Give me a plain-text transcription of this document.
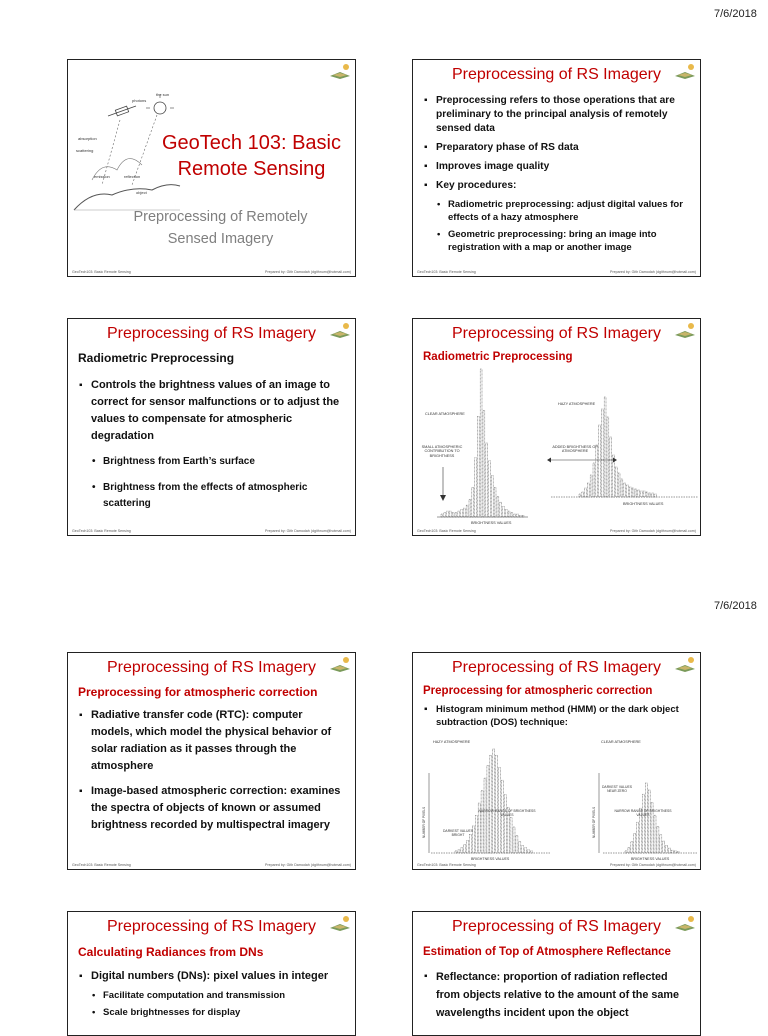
7/6/2018
7/6/2018
photons
the sun
absorption
scattering
emission	reflection
object
GeoTech 103: Basic Remote Sensing
Preprocessing of Remotely Sensed Imagery
GeoTech103: Basic Remote Sensing	Prepared by: Gith Damodah (dgithnum@hotmail.com)
Preprocessing of RS Imagery
▪ Preprocessing refers to those operations that are preliminary to the principal analysis of remotely sensed data
▪ Preparatory phase of RS data
▪ Improves image quality
▪ Key procedures:
• Radiometric preprocessing: adjust digital values for effects of a hazy atmosphere
• Geometric preprocessing: bring an image into registration with a map or another image
GeoTech103: Basic Remote Sensing	Prepared by: Gith Damodah (dgithnum@hotmail.com)
Preprocessing of RS Imagery
Radiometric Preprocessing
▪ Controls the brightness values of an image to correct for sensor malfunctions or to adjust the values to compensate for atmospheric degradation
• Brightness from Earth’s surface
• Brightness from the effects of atmospheric scattering
GeoTech103: Basic Remote Sensing	Prepared by: Gith Damodah (dgithnum@hotmail.com)
Preprocessing of RS Imagery
Radiometric Preprocessing
CLEAR ATMOSPHERE
SMALL ATMOSPHERIC CONTRIBUTION TO BRIGHTNESS
HAZY ATMOSPHERE
ADDED BRIGHTNESS OF ATMOSPHERE
BRIGHTNESS VALUES
BRIGHTNESS VALUES
GeoTech103: Basic Remote Sensing	Prepared by: Gith Damodah (dgithnum@hotmail.com)
Preprocessing of RS Imagery
Preprocessing for atmospheric correction
▪ Radiative transfer code (RTC): computer models, which model the physical behavior of solar radiation as it passes through the atmosphere
▪ Image-based atmospheric correction: examines the spectra of objects of known or assumed brightness recorded by multispectral imagery
GeoTech103: Basic Remote Sensing	Prepared by: Gith Damodah (dgithnum@hotmail.com)
Preprocessing of RS Imagery
Preprocessing for atmospheric correction
▪ Histogram minimum method (HMM) or the dark object subtraction (DOS) technique:
HAZY ATMOSPHERE	CLEAR ATMOSPHERE
NARROW RANGE OF BRIGHTNESS VALUES
NARROW RANGE OF BRIGHTNESS VALUES
DARKEST VALUES BRIGHT
DARKEST VALUES NEAR ZERO
NUMBER OF PIXELS	NUMBER OF PIXELS
BRIGHTNESS VALUES	BRIGHTNESS VALUES
GeoTech103: Basic Remote Sensing	Prepared by: Gith Damodah (dgithnum@hotmail.com)
Preprocessing of RS Imagery
Calculating Radiances from DNs
▪ Digital numbers (DNs): pixel values in integer
• Facilitate computation and transmission
• Scale brightnesses for display
Preprocessing of RS Imagery
Estimation of Top of Atmosphere Reflectance
▪ Reflectance: proportion of radiation reflected from objects relative to the amount of the same wavelengths incident upon the object
